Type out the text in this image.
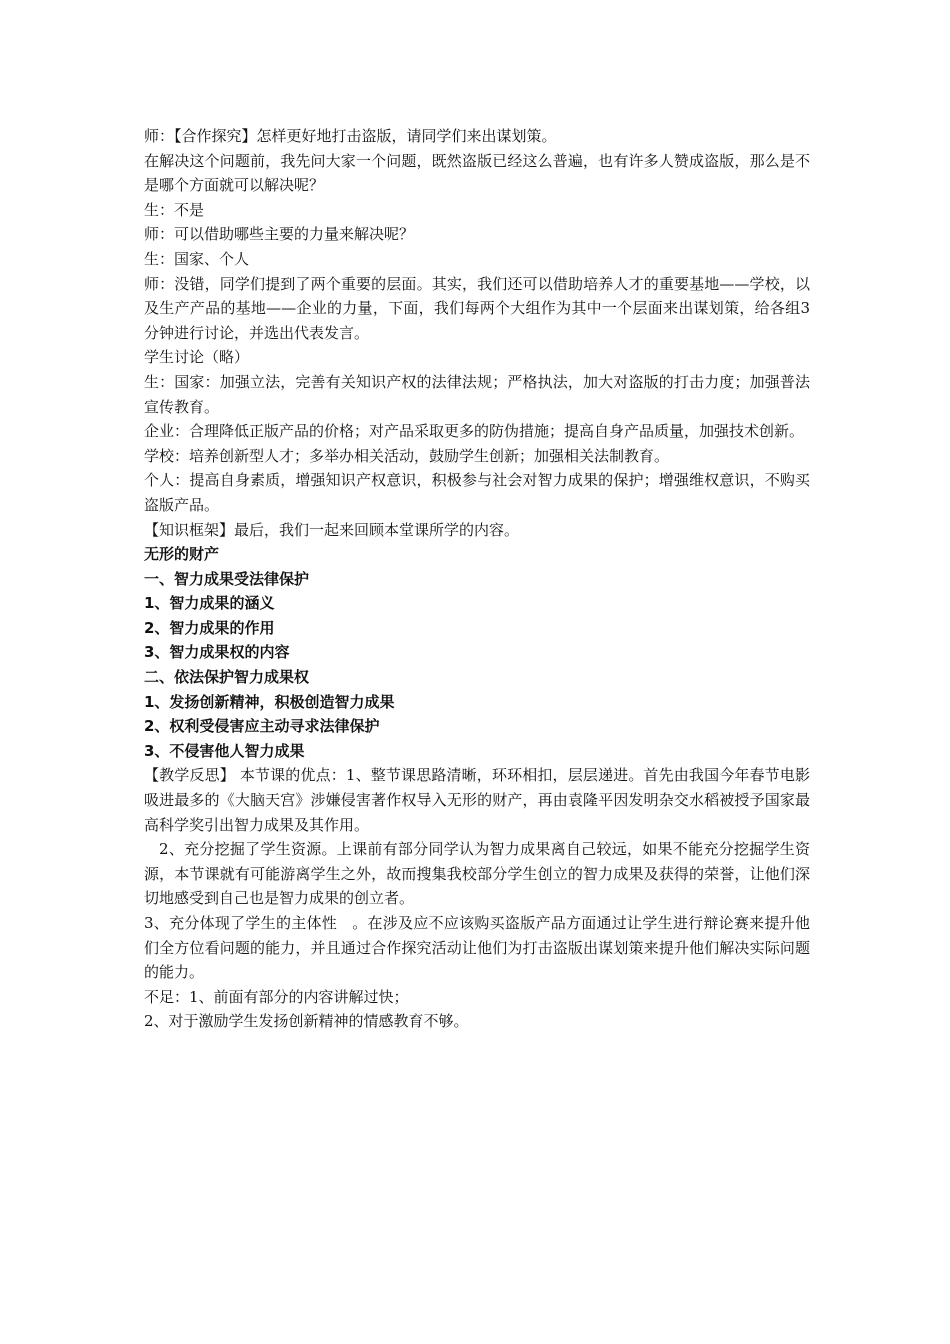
师：【合作探究】怎样更好地打击盗版，请同学们来出谋划策。

在解决这个问题前，我先问大家一个问题，既然盗版已经这么普遍，也有许多人赞成盗版，那么是不是哪个方面就可以解决呢？

生：不是

师：可以借助哪些主要的力量来解决呢？

生：国家、个人

师：没错，同学们提到了两个重要的层面。其实，我们还可以借助培养人才的重要基地——学校，以及生产产品的基地——企业的力量，下面，我们每两个大组作为其中一个层面来出谋划策，给各组3分钟进行讨论，并选出代表发言。

学生讨论（略）

生：国家：加强立法，完善有关知识产权的法律法规；严格执法，加大对盗版的打击力度；加强普法宣传教育。

企业：合理降低正版产品的价格；对产品采取更多的防伪措施；提高自身产品质量，加强技术创新。

学校：培养创新型人才；多举办相关活动，鼓励学生创新；加强相关法制教育。

个人：提高自身素质，增强知识产权意识，积极参与社会对智力成果的保护；增强维权意识，不购买盗版产品。

【知识框架】最后，我们一起来回顾本堂课所学的内容。

无形的财产

一、智力成果受法律保护

1、智力成果的涵义

2、智力成果的作用

3、智力成果权的内容

二、依法保护智力成果权

1、发扬创新精神，积极创造智力成果

2、权利受侵害应主动寻求法律保护

3、不侵害他人智力成果

【教学反思】 本节课的优点：1、整节课思路清晰，环环相扣，层层递进。首先由我国今年春节电影吸进最多的《大脑天宫》涉嫌侵害著作权导入无形的财产，再由袁隆平因发明杂交水稻被授予国家最高科学奖引出智力成果及其作用。

2、充分挖掘了学生资源。上课前有部分同学认为智力成果离自己较远，如果不能充分挖掘学生资源，本节课就有可能游离学生之外，故而搜集我校部分学生创立的智力成果及获得的荣誉，让他们深切地感受到自己也是智力成果的创立者。

3、充分体现了学生的主体性　。在涉及应不应该购买盗版产品方面通过让学生进行辩论赛来提升他们全方位看问题的能力，并且通过合作探究活动让他们为打击盗版出谋划策来提升他们解决实际问题的能力。

不足：1、前面有部分的内容讲解过快；

2、对于激励学生发扬创新精神的情感教育不够。
